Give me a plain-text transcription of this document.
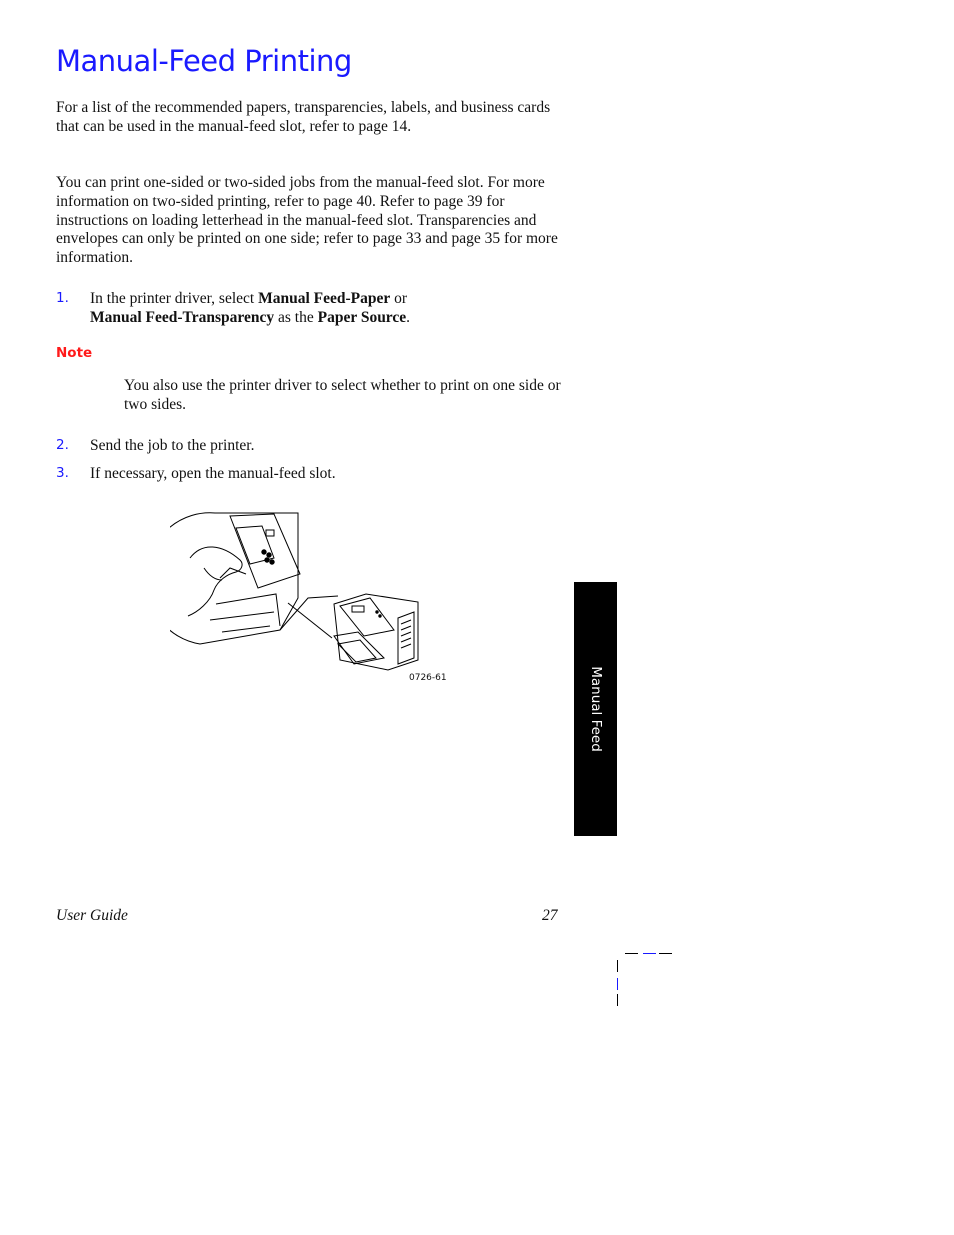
Manual-Feed Printing

For a list of the recommended papers, transparencies, labels, and business cards that can be used in the manual-feed slot, refer to page 14.

You can print one-sided or two-sided jobs from the manual-feed slot. For more information on two-sided printing, refer to page 40. Refer to page 39 for instructions on loading letterhead in the manual-feed slot. Transparencies and envelopes can only be printed on one side; refer to page 33 and page 35 for more information.

1. In the printer driver, select Manual Feed-Paper or
Manual Feed-Transparency as the Paper Source.
Note

You also use the printer driver to select whether to print on one side or two sides.

2. Send the job to the printer.
3. If necessary, open the manual-feed slot.
0726-61	Manual Feed
User Guide	27
